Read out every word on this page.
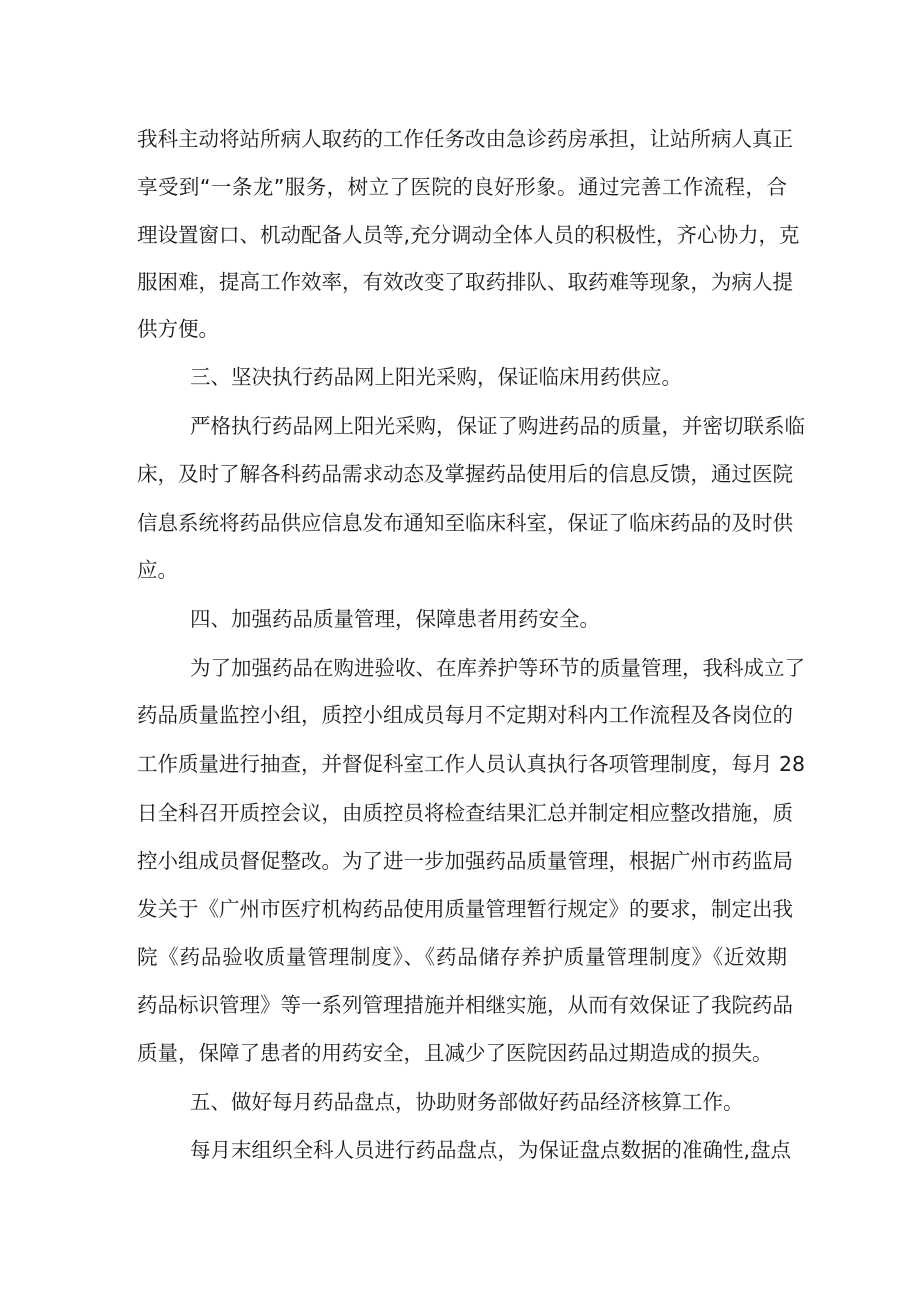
我科主动将站所病人取药的工作任务改由急诊药房承担，让站所病人真正
享受到“一条龙”服务，树立了医院的良好形象。通过完善工作流程，合
理设置窗口、机动配备人员等,充分调动全体人员的积极性，齐心协力，克
服困难，提高工作效率，有效改变了取药排队、取药难等现象，为病人提
供方便。
三、坚决执行药品网上阳光采购，保证临床用药供应。
严格执行药品网上阳光采购，保证了购进药品的质量，并密切联系临
床，及时了解各科药品需求动态及掌握药品使用后的信息反馈，通过医院
信息系统将药品供应信息发布通知至临床科室，保证了临床药品的及时供
应。
四、加强药品质量管理，保障患者用药安全。
为了加强药品在购进验收、在库养护等环节的质量管理，我科成立了
药品质量监控小组，质控小组成员每月不定期对科内工作流程及各岗位的
工作质量进行抽查，并督促科室工作人员认真执行各项管理制度，每月 28
日全科召开质控会议，由质控员将检查结果汇总并制定相应整改措施，质
控小组成员督促整改。为了进一步加强药品质量管理，根据广州市药监局
发关于《广州市医疗机构药品使用质量管理暂行规定》的要求，制定出我
院《药品验收质量管理制度》、《药品储存养护质量管理制度》《近效期
药品标识管理》等一系列管理措施并相继实施，从而有效保证了我院药品
质量，保障了患者的用药安全，且减少了医院因药品过期造成的损失。
五、做好每月药品盘点，协助财务部做好药品经济核算工作。
每月末组织全科人员进行药品盘点，为保证盘点数据的准确性,盘点
